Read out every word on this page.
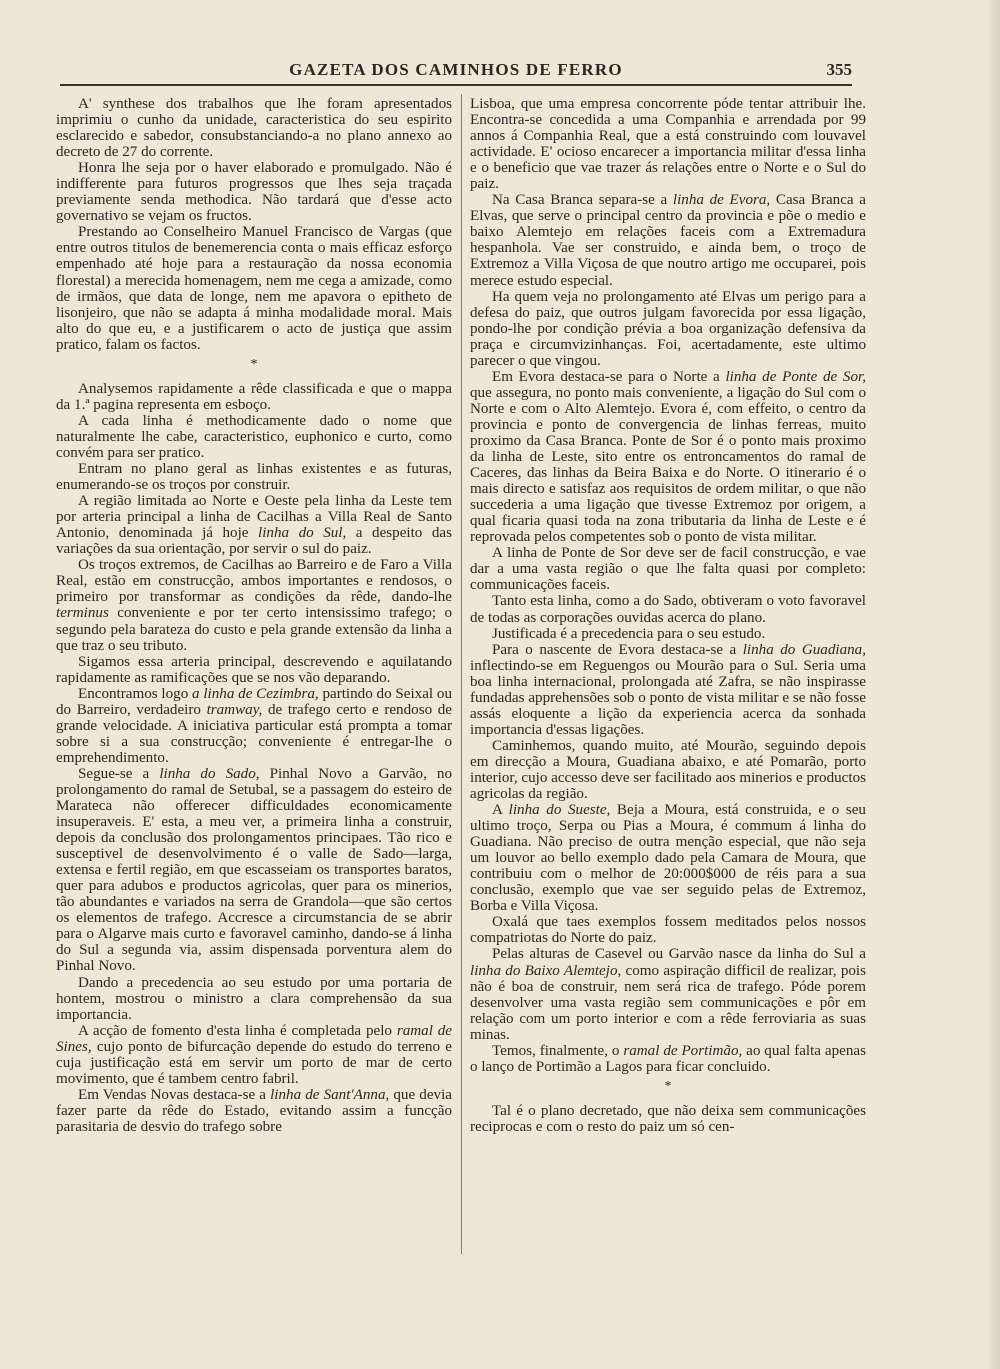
GAZETA DOS CAMINHOS DE FERRO	355

A' synthese dos trabalhos que lhe foram apresentados imprimiu o cunho da unidade, caracteristica do seu espirito esclarecido e sabedor, consubstanciando-a no plano annexo ao decreto de 27 do corrente.

Honra lhe seja por o haver elaborado e promulgado. Não é indifferente para futuros progressos que lhes seja traçada previamente senda methodica. Não tardará que d'esse acto governativo se vejam os fructos.

Prestando ao Conselheiro Manuel Francisco de Vargas (que entre outros titulos de benemerencia conta o mais efficaz esforço empenhado até hoje para a restauração da nossa economia florestal) a merecida homenagem, nem me cega a amizade, como de irmãos, que data de longe, nem me apavora o epitheto de lisonjeiro, que não se adapta á minha modalidade moral. Mais alto do que eu, e a justificarem o acto de justiça que assim pratico, falam os factos.

*

Analysemos rapidamente a rêde classificada e que o mappa da 1.ª pagina representa em esboço.

A cada linha é methodicamente dado o nome que naturalmente lhe cabe, caracteristico, euphonico e curto, como convém para ser pratico.

Entram no plano geral as linhas existentes e as futuras, enumerando-se os troços por construir.

A região limitada ao Norte e Oeste pela linha da Leste tem por arteria principal a linha de Cacilhas a Villa Real de Santo Antonio, denominada já hoje linha do Sul, a despeito das variações da sua orientação, por servir o sul do paiz.

Os troços extremos, de Cacilhas ao Barreiro e de Faro a Villa Real, estão em construcção, ambos importantes e rendosos, o primeiro por transformar as condições da rêde, dando-lhe terminus conveniente e por ter certo intensissimo trafego; o segundo pela barateza do custo e pela grande extensão da linha a que traz o seu tributo.

Sigamos essa arteria principal, descrevendo e aquilatando rapidamente as ramificações que se nos vão deparando.

Encontramos logo a linha de Cezimbra, partindo do Seixal ou do Barreiro, verdadeiro tramway, de trafego certo e rendoso de grande velocidade. A iniciativa particular está prompta a tomar sobre si a sua construcção; conveniente é entregar-lhe o emprehendimento.

Segue-se a linha do Sado, Pinhal Novo a Garvão, no prolongamento do ramal de Setubal, se a passagem do esteiro de Marateca não offerecer difficuldades economicamente insuperaveis. E' esta, a meu ver, a primeira linha a construir, depois da conclusão dos prolongamentos principaes. Tão rico e susceptivel de desenvolvimento é o valle de Sado—larga, extensa e fertil região, em que escasseiam os transportes baratos, quer para adubos e productos agricolas, quer para os minerios, tão abundantes e variados na serra de Grandola—que são certos os elementos de trafego. Accresce a circumstancia de se abrir para o Algarve mais curto e favoravel caminho, dando-se á linha do Sul a segunda via, assim dispensada porventura alem do Pinhal Novo.

Dando a precedencia ao seu estudo por uma portaria de hontem, mostrou o ministro a clara comprehensão da sua importancia.

A acção de fomento d'esta linha é completada pelo ramal de Sines, cujo ponto de bifurcação depende do estudo do terreno e cuja justificação está em servir um porto de mar de certo movimento, que é tambem centro fabril.

Em Vendas Novas destaca-se a linha de Sant'Anna, que devia fazer parte da rêde do Estado, evitando assim a funcção parasitaria de desvio do trafego sobre

Lisboa, que uma empresa concorrente póde tentar attribuir lhe. Encontra-se concedida a uma Companhia e arrendada por 99 annos á Companhia Real, que a está construindo com louvavel actividade. E' ocioso encarecer a importancia militar d'essa linha e o beneficio que vae trazer ás relações entre o Norte e o Sul do paiz.

Na Casa Branca separa-se a linha de Evora, Casa Branca a Elvas, que serve o principal centro da provincia e põe o medio e baixo Alemtejo em relações faceis com a Extremadura hespanhola. Vae ser construido, e ainda bem, o troço de Extremoz a Villa Viçosa de que noutro artigo me occuparei, pois merece estudo especial.

Ha quem veja no prolongamento até Elvas um perigo para a defesa do paiz, que outros julgam favorecida por essa ligação, pondo-lhe por condição prévia a boa organização defensiva da praça e circumvizinhanças. Foi, acertadamente, este ultimo parecer o que vingou.

Em Evora destaca-se para o Norte a linha de Ponte de Sor, que assegura, no ponto mais conveniente, a ligação do Sul com o Norte e com o Alto Alemtejo. Evora é, com effeito, o centro da provincia e ponto de convergencia de linhas ferreas, muito proximo da Casa Branca. Ponte de Sor é o ponto mais proximo da linha de Leste, sito entre os entroncamentos do ramal de Caceres, das linhas da Beira Baixa e do Norte. O itinerario é o mais directo e satisfaz aos requisitos de ordem militar, o que não succederia a uma ligação que tivesse Extremoz por origem, a qual ficaria quasi toda na zona tributaria da linha de Leste e é reprovada pelos competentes sob o ponto de vista militar.

A linha de Ponte de Sor deve ser de facil construcção, e vae dar a uma vasta região o que lhe falta quasi por completo: communicações faceis.

Tanto esta linha, como a do Sado, obtiveram o voto favoravel de todas as corporações ouvidas acerca do plano.

Justificada é a precedencia para o seu estudo.

Para o nascente de Evora destaca-se a linha do Guadiana, inflectindo-se em Reguengos ou Mourão para o Sul. Seria uma boa linha internacional, prolongada até Zafra, se não inspirasse fundadas apprehensões sob o ponto de vista militar e se não fosse assás eloquente a lição da experiencia acerca da sonhada importancia d'essas ligações.

Caminhemos, quando muito, até Mourão, seguindo depois em direcção a Moura, Guadiana abaixo, e até Pomarão, porto interior, cujo accesso deve ser facilitado aos minerios e productos agricolas da região.

A linha do Sueste, Beja a Moura, está construida, e o seu ultimo troço, Serpa ou Pias a Moura, é commum á linha do Guadiana. Não preciso de outra menção especial, que não seja um louvor ao bello exemplo dado pela Camara de Moura, que contribuiu com o melhor de 20:000$000 de réis para a sua conclusão, exemplo que vae ser seguido pelas de Extremoz, Borba e Villa Viçosa.

Oxalá que taes exemplos fossem meditados pelos nossos compatriotas do Norte do paiz.

Pelas alturas de Casevel ou Garvão nasce da linha do Sul a linha do Baixo Alemtejo, como aspiração difficil de realizar, pois não é boa de construir, nem será rica de trafego. Póde porem desenvolver uma vasta região sem communicações e pôr em relação com um porto interior e com a rêde ferroviaria as suas minas.

Temos, finalmente, o ramal de Portimão, ao qual falta apenas o lanço de Portimão a Lagos para ficar concluido.

*

Tal é o plano decretado, que não deixa sem communicações reciprocas e com o resto do paiz um só cen-
